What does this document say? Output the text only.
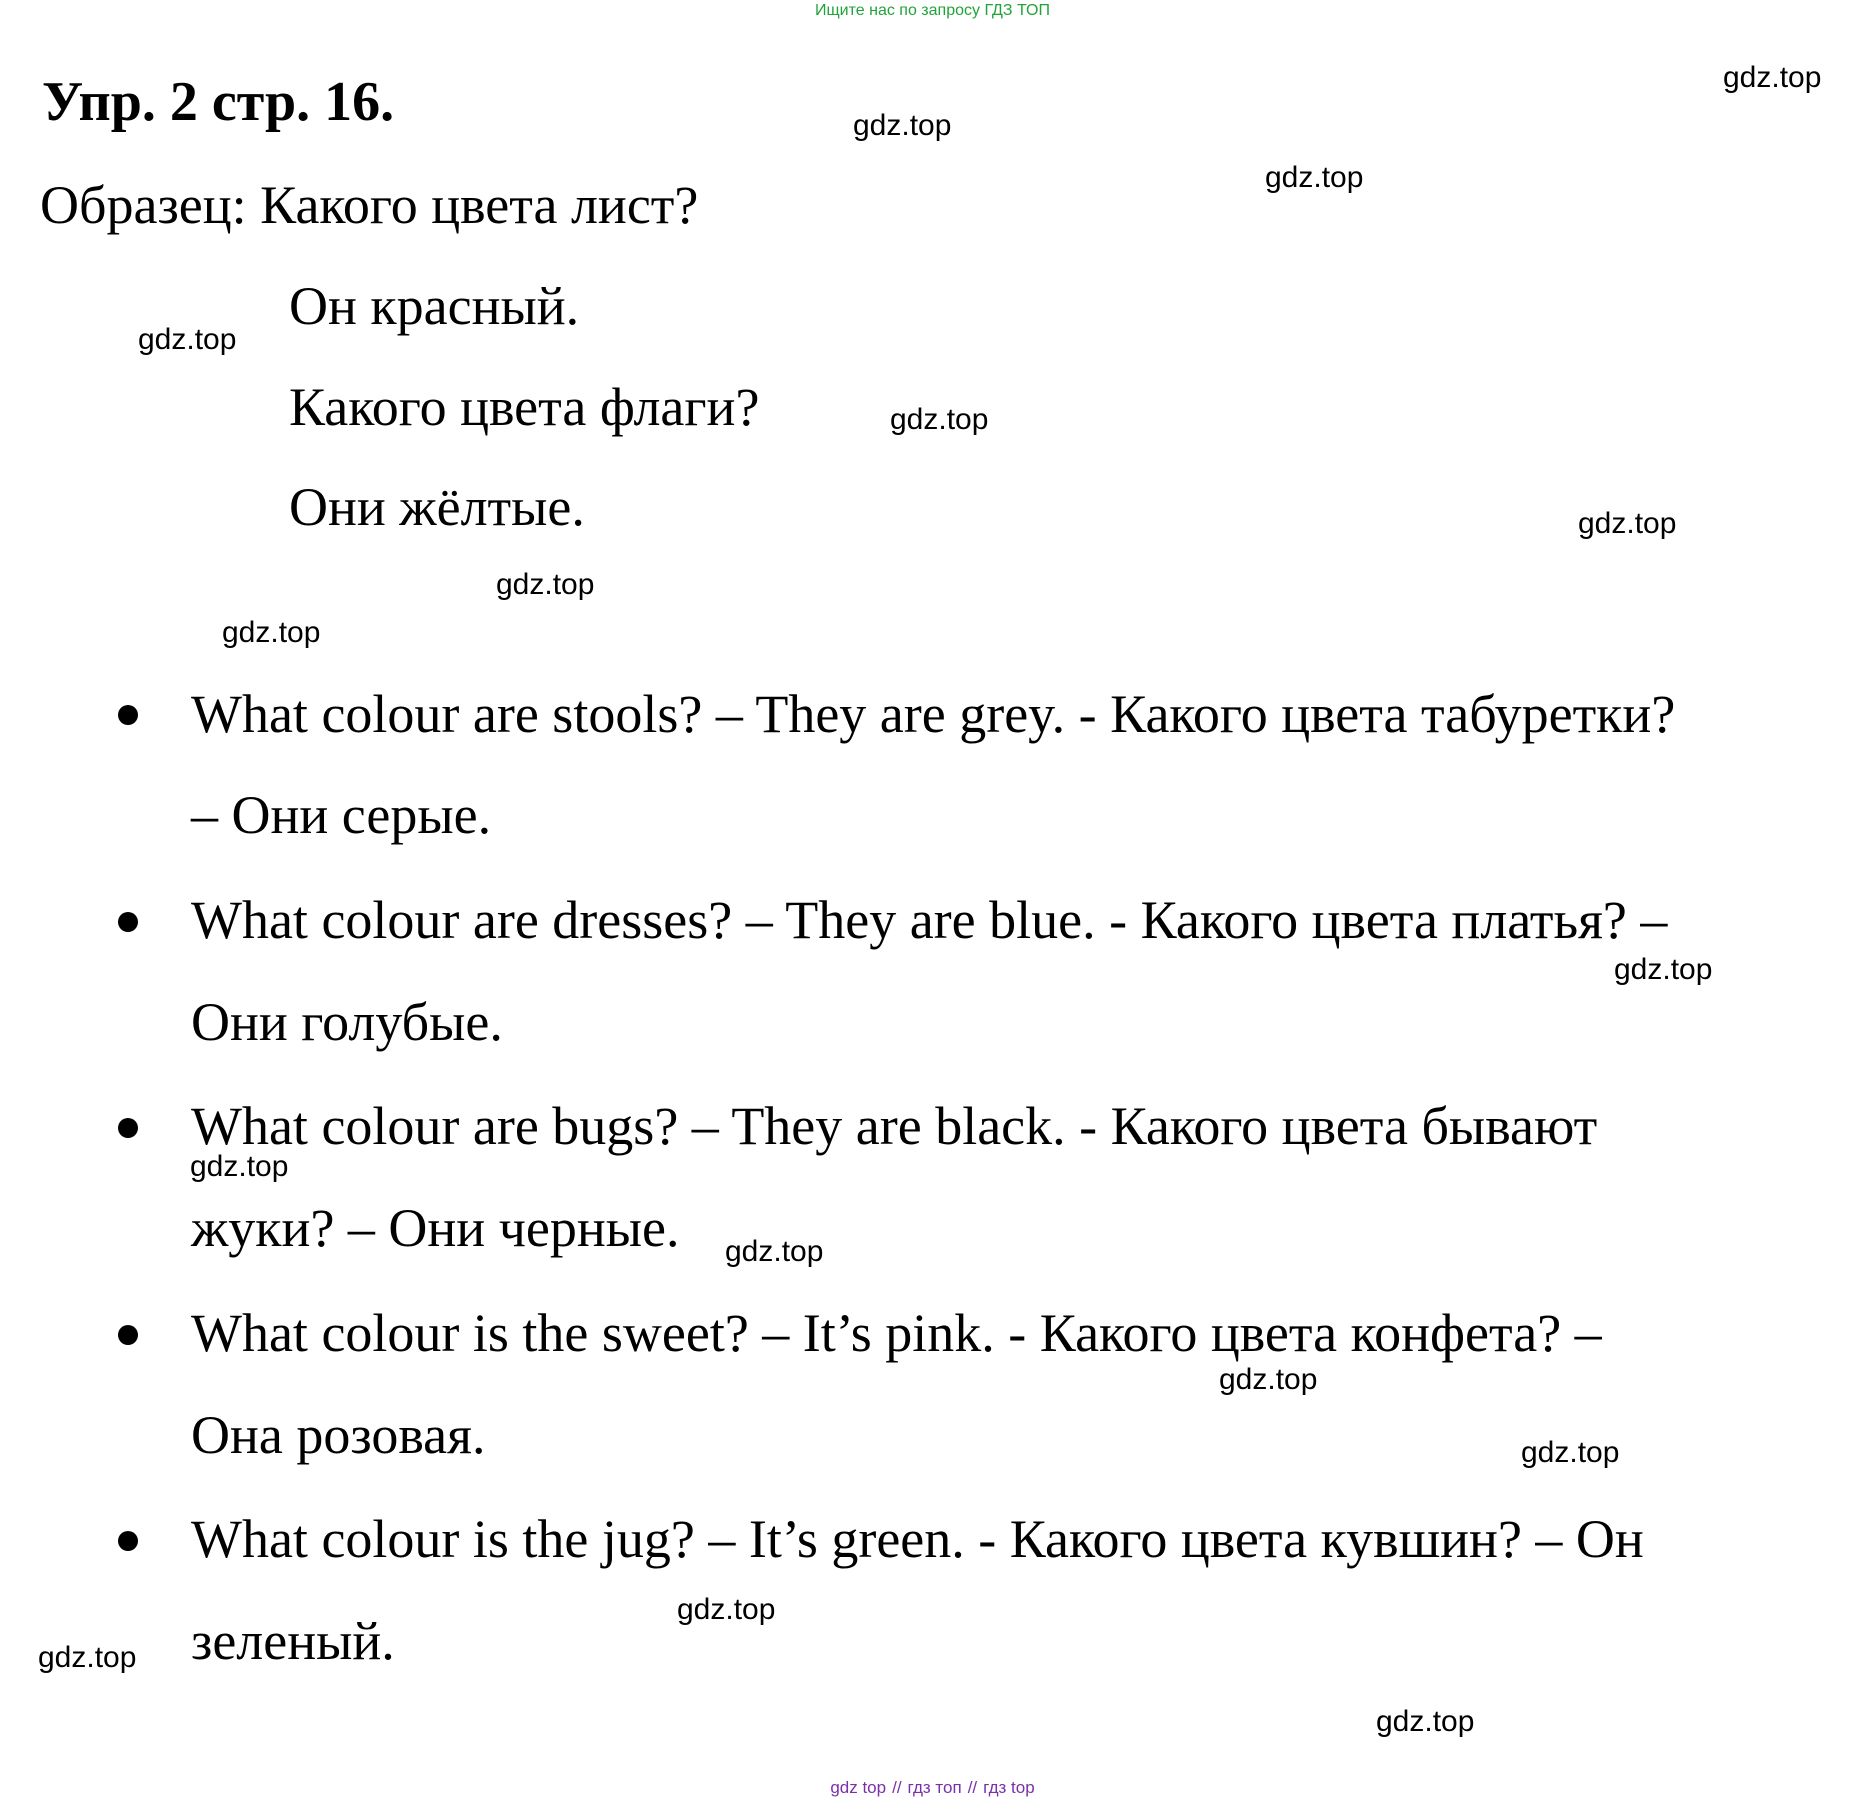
Ищите нас по запросу ГДЗ ТОП
Упр. 2 стр. 16.
Образец: Какого цвета лист?
Он красный.
Какого цвета флаги?
Они жёлтые.
What colour are stools? – They are grey. - Какого цвета табуретки?
– Они серые.
What colour are dresses? – They are blue. - Какого цвета платья? –
Они голубые.
What colour are bugs? – They are black. - Какого цвета бывают
жуки? – Они черные.
What colour is the sweet? – It’s pink. - Какого цвета конфета? –
Она розовая.
What colour is the jug? – It’s green. - Какого цвета кувшин? – Он
зеленый.
gdz.top
gdz.top
gdz.top
gdz.top
gdz.top
gdz.top
gdz.top
gdz.top
gdz.top
gdz.top
gdz.top
gdz.top
gdz.top
gdz.top
gdz.top
gdz.top
gdz top // гдз топ // гдз top
